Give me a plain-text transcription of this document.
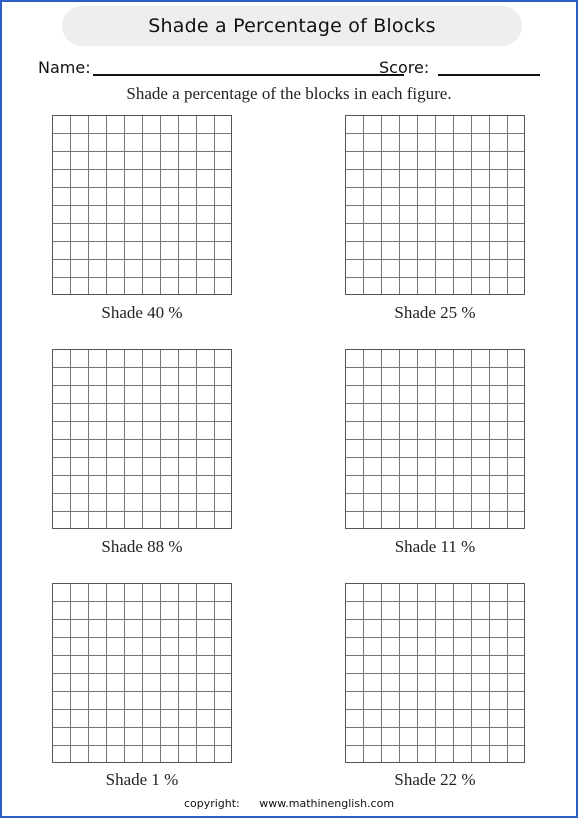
Shade a Percentage of Blocks
Name:	Score:
Shade a percentage of the blocks in each figure.
Shade 40 %	Shade 25 %
Shade 88 %	Shade 11 %
Shade 1 %	Shade 22 %
copyright: www.mathinenglish.com
